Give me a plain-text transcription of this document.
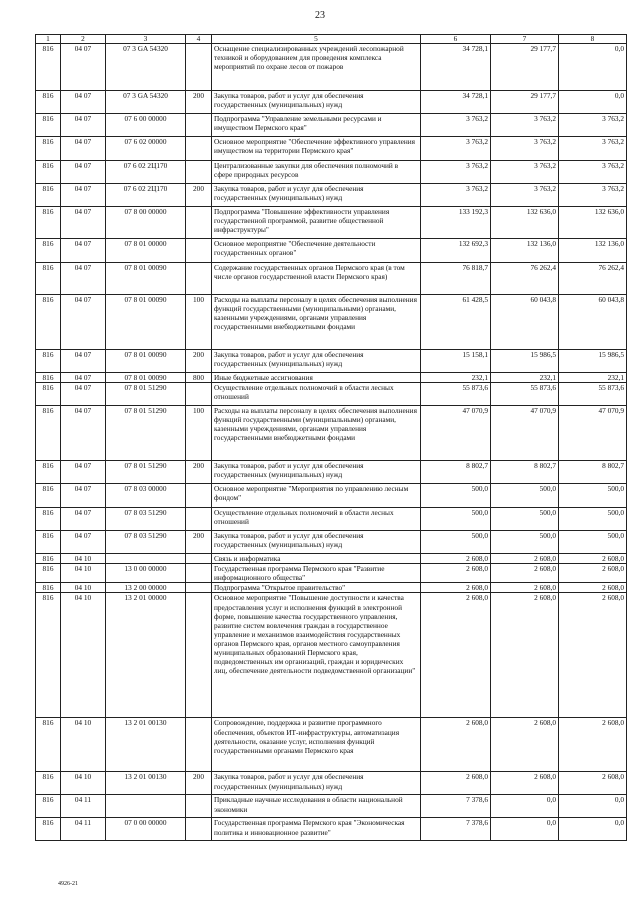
23
1	2	3	4	5	6	7	8
816	04 07	07 3 GA 54320		Оснащение специализированных учреждений лесопожарной техникой и оборудованием для проведения комплекса мероприятий по охране лесов от пожаров	34 728,1	29 177,7	0,0
816	04 07	07 3 GA 54320	200	Закупка товаров, работ и услуг для обеспечения государственных (муниципальных) нужд	34 728,1	29 177,7	0,0
816	04 07	07 6 00 00000		Подпрограмма "Управление земельными ресурсами и имуществом Пермского края"	3 763,2	3 763,2	3 763,2
816	04 07	07 6 02 00000		Основное мероприятие "Обеспечение эффективного управления имуществом на территории Пермского края"	3 763,2	3 763,2	3 763,2
816	04 07	07 6 02 2Ц170		Централизованные закупки для обеспечения полномочий в сфере природных ресурсов	3 763,2	3 763,2	3 763,2
816	04 07	07 6 02 2Ц170	200	Закупка товаров, работ и услуг для обеспечения государственных (муниципальных) нужд	3 763,2	3 763,2	3 763,2
816	04 07	07 8 00 00000		Подпрограмма "Повышение эффективности управления государственной программой, развитие общественной инфраструктуры"	133 192,3	132 636,0	132 636,0
816	04 07	07 8 01 00000		Основное мероприятие "Обеспечение деятельности государственных органов"	132 692,3	132 136,0	132 136,0
816	04 07	07 8 01 00090		Содержание государственных органов Пермского края (в том числе органов государственной власти Пермского края)	76 818,7	76 262,4	76 262,4
816	04 07	07 8 01 00090	100	Расходы на выплаты персоналу в целях обеспечения выполнения функций государственными (муниципальными) органами, казенными учреждениями, органами управления государственными внебюджетными фондами	61 428,5	60 043,8	60 043,8
816	04 07	07 8 01 00090	200	Закупка товаров, работ и услуг для обеспечения государственных (муниципальных) нужд	15 158,1	15 986,5	15 986,5
816	04 07	07 8 01 00090	800	Иные бюджетные ассигнования	232,1	232,1	232,1
816	04 07	07 8 01 51290		Осуществление отдельных полномочий в области лесных отношений	55 873,6	55 873,6	55 873,6
816	04 07	07 8 01 51290	100	Расходы на выплаты персоналу в целях обеспечения выполнения функций государственными (муниципальными) органами, казенными учреждениями, органами управления государственными внебюджетными фондами	47 070,9	47 070,9	47 070,9
816	04 07	07 8 01 51290	200	Закупка товаров, работ и услуг для обеспечения государственных (муниципальных) нужд	8 802,7	8 802,7	8 802,7
816	04 07	07 8 03 00000		Основное мероприятие "Мероприятия по управлению лесным фондом"	500,0	500,0	500,0
816	04 07	07 8 03 51290		Осуществление отдельных полномочий в области лесных отношений	500,0	500,0	500,0
816	04 07	07 8 03 51290	200	Закупка товаров, работ и услуг для обеспечения государственных (муниципальных) нужд	500,0	500,0	500,0
816	04 10			Связь и информатика	2 608,0	2 608,0	2 608,0
816	04 10	13 0 00 00000		Государственная программа Пермского края "Развитие информационного общества"	2 608,0	2 608,0	2 608,0
816	04 10	13 2 00 00000		Подпрограмма "Открытое правительство"	2 608,0	2 608,0	2 608,0
816	04 10	13 2 01 00000		Основное мероприятие "Повышение доступности и качества предоставления услуг и исполнения функций в электронной форме, повышение качества государственного управления, развитие систем вовлечения граждан в государственное управление и механизмов взаимодействия государственных органов Пермского края, органов местного самоуправления муниципальных образований Пермского края, подведомственных им организаций, граждан и юридических лиц, обеспечение деятельности подведомственной организации"	2 608,0	2 608,0	2 608,0
816	04 10	13 2 01 00130		Сопровождение, поддержка и развитие программного обеспечения, объектов ИТ-инфраструктуры, автоматизация деятельности, оказание услуг, исполнения функций государственными органами Пермского края	2 608,0	2 608,0	2 608,0
816	04 10	13 2 01 00130	200	Закупка товаров, работ и услуг для обеспечения государственных (муниципальных) нужд	2 608,0	2 608,0	2 608,0
816	04 11			Прикладные научные исследования в области национальной экономики	7 378,6	0,0	0,0
816	04 11	07 0 00 00000		Государственная программа Пермского края "Экономическая политика и инновационное развитие"	7 378,6	0,0	0,0
4926-21
